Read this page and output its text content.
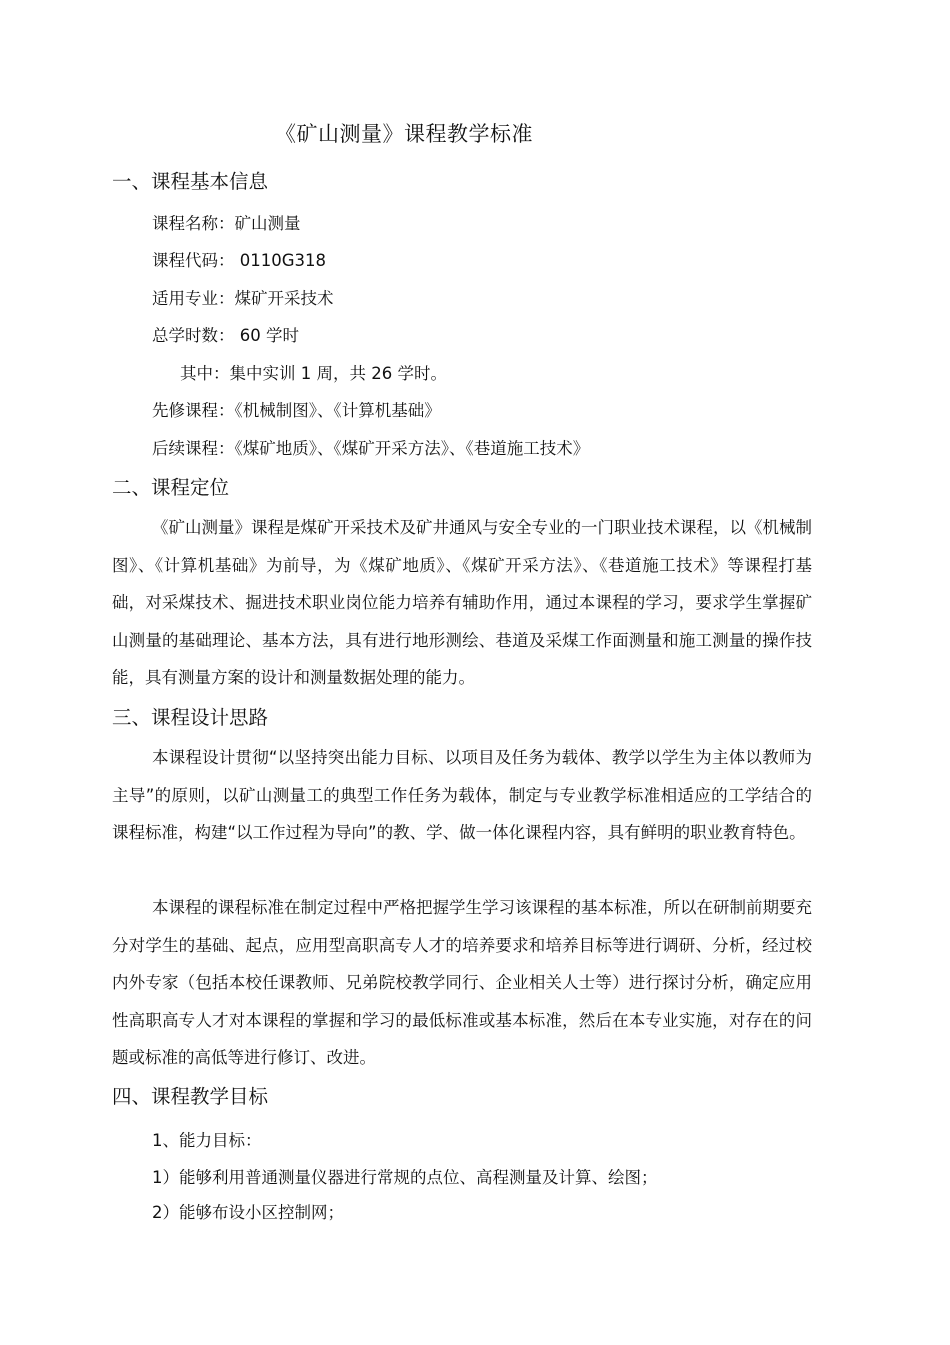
《矿山测量》课程教学标准
一、课程基本信息
课程名称：矿山测量
课程代码： 0110G318
适用专业：煤矿开采技术
总学时数： 60 学时
其中：集中实训 1 周，共 26 学时。
先修课程：《机械制图》、《计算机基础》
后续课程：《煤矿地质》、《煤矿开采方法》、《巷道施工技术》
二、课程定位

《矿山测量》课程是煤矿开采技术及矿井通风与安全专业的一门职业技术课程，以《机械制图》、《计算机基础》为前导，为《煤矿地质》、《煤矿开采方法》、《巷道施工技术》等课程打基础，对采煤技术、掘进技术职业岗位能力培养有辅助作用，通过本课程的学习，要求学生掌握矿山测量的基础理论、基本方法，具有进行地形测绘、巷道及采煤工作面测量和施工测量的操作技能，具有测量方案的设计和测量数据处理的能力。

三、课程设计思路

本课程设计贯彻“以坚持突出能力目标、以项目及任务为载体、教学以学生为主体以教师为主导”的原则，以矿山测量工的典型工作任务为载体，制定与专业教学标准相适应的工学结合的课程标准，构建“以工作过程为导向”的教、学、做一体化课程内容，具有鲜明的职业教育特色。

本课程的课程标准在制定过程中严格把握学生学习该课程的基本标准，所以在研制前期要充分对学生的基础、起点，应用型高职高专人才的培养要求和培养目标等进行调研、分析，经过校内外专家（包括本校任课教师、兄弟院校教学同行、企业相关人士等）进行探讨分析，确定应用性高职高专人才对本课程的掌握和学习的最低标准或基本标准，然后在本专业实施，对存在的问题或标准的高低等进行修订、改进。

四、课程教学目标
1、能力目标：
1）能够利用普通测量仪器进行常规的点位、高程测量及计算、绘图；
2）能够布设小区控制网；
